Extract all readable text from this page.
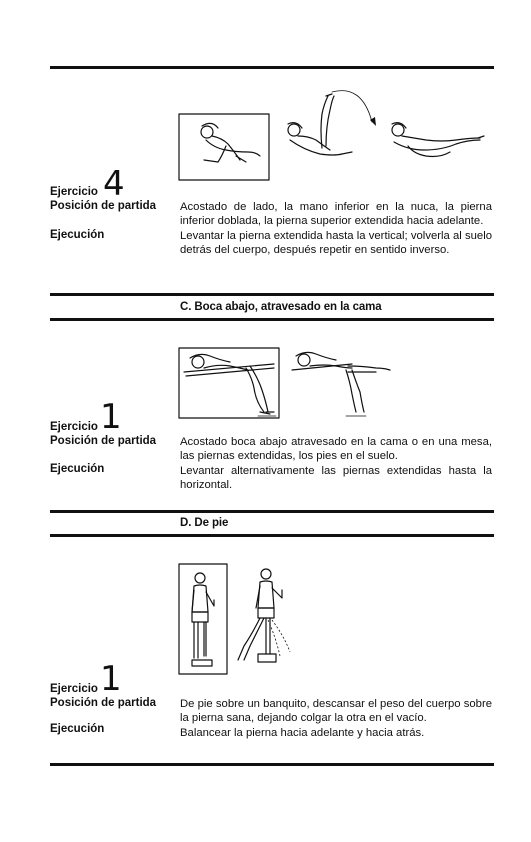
Ejercicio 4
Posición de partida
Ejecución

Acostado de lado, la mano inferior en la nuca, la pierna inferior doblada, la pierna superior extendida hacia adelante.

Levantar la pierna extendida hasta la vertical; volverla al suelo detrás del cuerpo, después repetir en sentido inverso.

C. Boca abajo, atravesado en la cama
Ejercicio 1
Posición de partida
Ejecución

Acostado boca abajo atravesado en la cama o en una mesa, las piernas extendidas, los pies en el suelo.

Levantar alternativamente las piernas extendidas hasta la horizontal.

D. De pie
Ejercicio 1
Posición de partida
Ejecución

De pie sobre un banquito, descansar el peso del cuerpo sobre la pierna sana, dejando colgar la otra en el vacío.

Balancear la pierna hacia adelante y hacia atrás.
